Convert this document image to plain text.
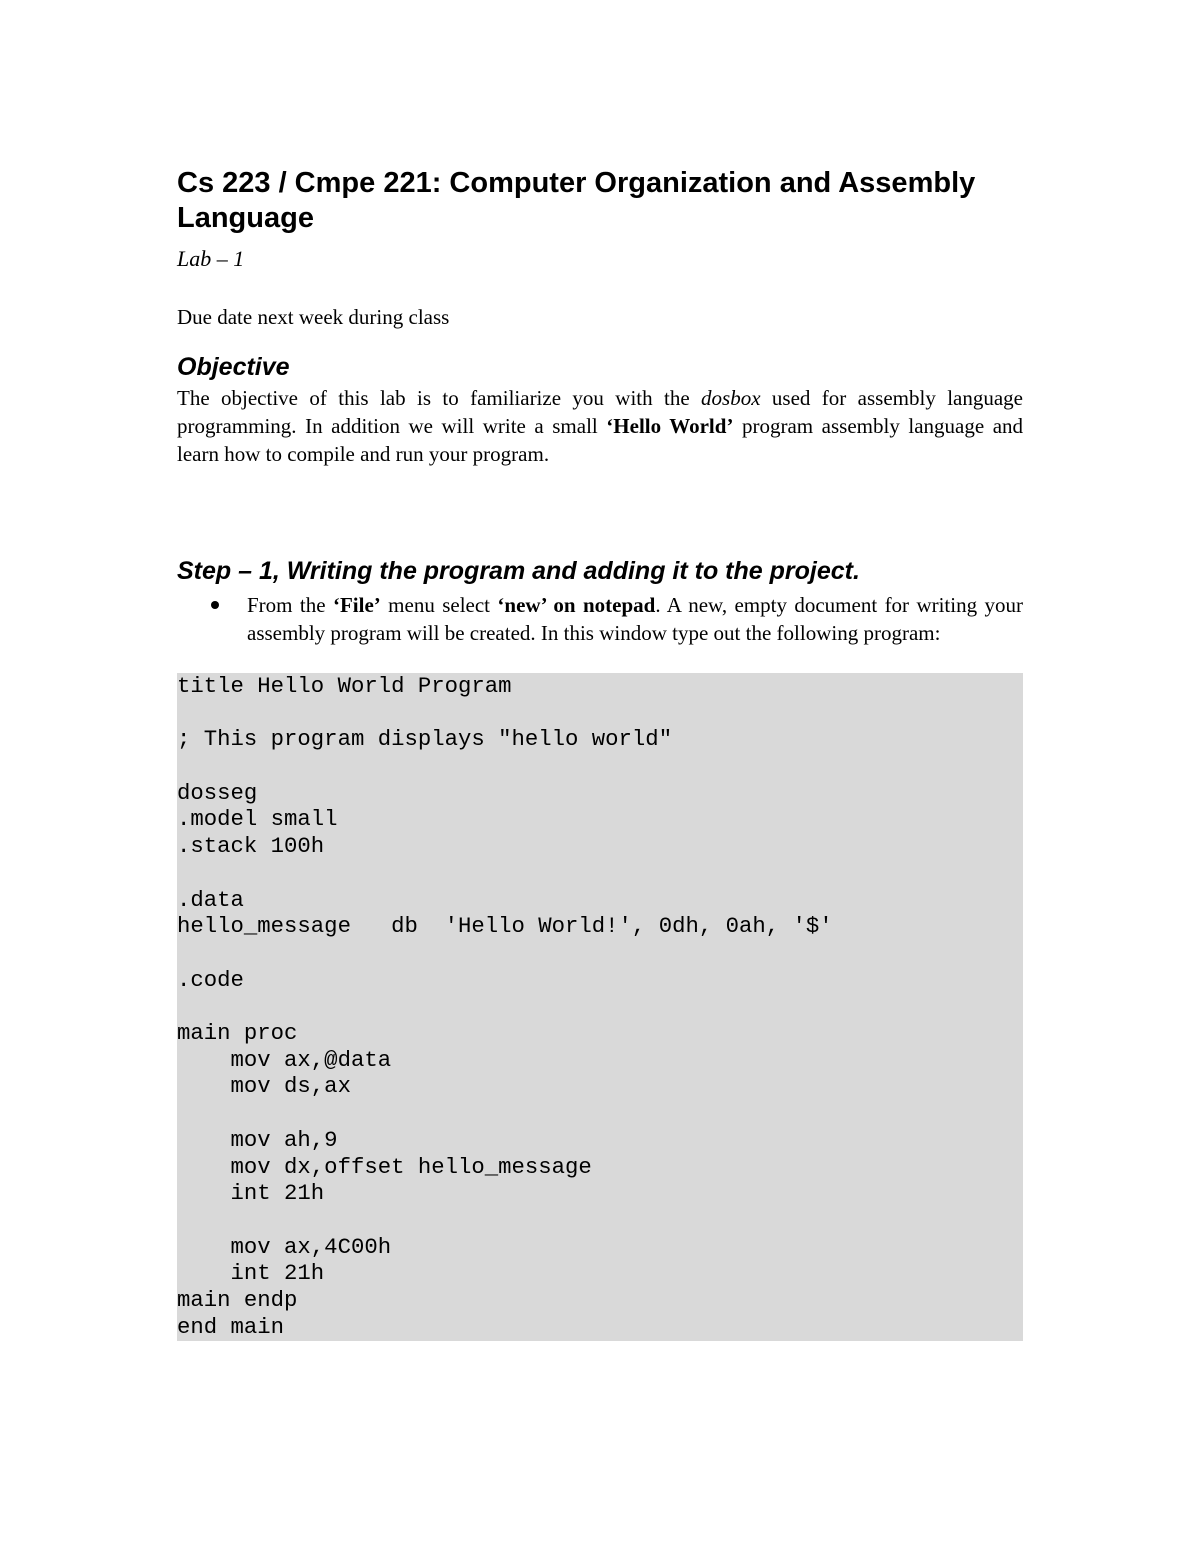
Cs 223 / Cmpe 221: Computer Organization and Assembly Language
Lab – 1

Due date next week during class

Objective

The objective of this lab is to familiarize you with the dosbox used for assembly language programming. In addition we will write a small ‘Hello World’ program assembly language and learn how to compile and run your program.

Step – 1, Writing the program and adding it to the project.
From the ‘File’ menu select ‘new’ on notepad. A new, empty document for writing your assembly program will be created. In this window type out the following program:
title Hello World Program
; This program displays "hello world"
dosseg
.model small
.stack 100h
.data
hello_message   db  'Hello World!', 0dh, 0ah, '$'
.code
main proc
mov ax,@data
mov ds,ax
mov ah,9
mov dx,offset hello_message
int 21h
mov ax,4C00h
int 21h
main endp
end main
